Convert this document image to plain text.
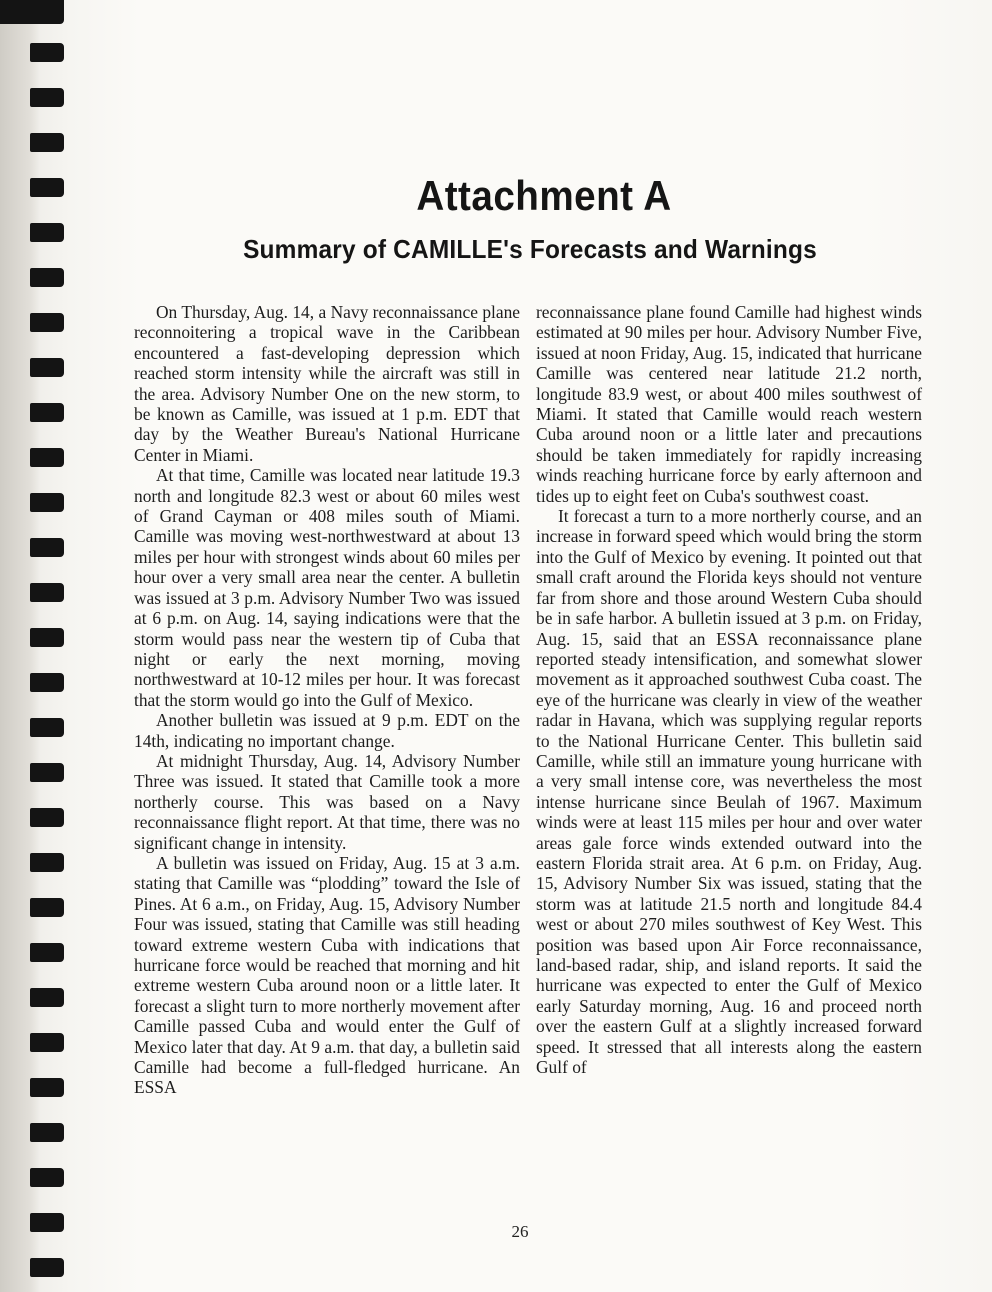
Attachment A
Summary of CAMILLE's Forecasts and Warnings

On Thursday, Aug. 14, a Navy reconnaissance plane reconnoitering a tropical wave in the Caribbean encountered a fast-developing depression which reached storm intensity while the aircraft was still in the area. Advisory Number One on the new storm, to be known as Camille, was issued at 1 p.m. EDT that day by the Weather Bureau's National Hurricane Center in Miami.

At that time, Camille was located near latitude 19.3 north and longitude 82.3 west or about 60 miles west of Grand Cayman or 408 miles south of Miami. Camille was moving west-northwestward at about 13 miles per hour with strongest winds about 60 miles per hour over a very small area near the center. A bulletin was issued at 3 p.m. Advisory Number Two was issued at 6 p.m. on Aug. 14, saying indications were that the storm would pass near the western tip of Cuba that night or early the next morning, moving northwestward at 10-12 miles per hour. It was forecast that the storm would go into the Gulf of Mexico.

Another bulletin was issued at 9 p.m. EDT on the 14th, indicating no important change.

At midnight Thursday, Aug. 14, Advisory Number Three was issued. It stated that Camille took a more northerly course. This was based on a Navy reconnaissance flight report. At that time, there was no significant change in intensity.

A bulletin was issued on Friday, Aug. 15 at 3 a.m. stating that Camille was “plodding” toward the Isle of Pines. At 6 a.m., on Friday, Aug. 15, Advisory Number Four was issued, stating that Camille was still heading toward extreme western Cuba with indications that hurricane force would be reached that morning and hit extreme western Cuba around noon or a little later. It forecast a slight turn to more northerly movement after Camille passed Cuba and would enter the Gulf of Mexico later that day. At 9 a.m. that day, a bulletin said Camille had become a full-fledged hurricane. An ESSA

reconnaissance plane found Camille had highest winds estimated at 90 miles per hour. Advisory Number Five, issued at noon Friday, Aug. 15, indicated that hurricane Camille was centered near latitude 21.2 north, longitude 83.9 west, or about 400 miles southwest of Miami. It stated that Camille would reach western Cuba around noon or a little later and precautions should be taken immediately for rapidly increasing winds reaching hurricane force by early afternoon and tides up to eight feet on Cuba's southwest coast.

It forecast a turn to a more northerly course, and an increase in forward speed which would bring the storm into the Gulf of Mexico by evening. It pointed out that small craft around the Florida keys should not venture far from shore and those around Western Cuba should be in safe harbor. A bulletin issued at 3 p.m. on Friday, Aug. 15, said that an ESSA reconnaissance plane reported steady intensification, and somewhat slower movement as it approached southwest Cuba coast. The eye of the hurricane was clearly in view of the weather radar in Havana, which was supplying regular reports to the National Hurricane Center. This bulletin said Camille, while still an immature young hurricane with a very small intense core, was nevertheless the most intense hurricane since Beulah of 1967. Maximum winds were at least 115 miles per hour and over water areas gale force winds extended outward into the eastern Florida strait area. At 6 p.m. on Friday, Aug. 15, Advisory Number Six was issued, stating that the storm was at latitude 21.5 north and longitude 84.4 west or about 270 miles southwest of Key West. This position was based upon Air Force reconnaissance, land-based radar, ship, and island reports. It said the hurricane was expected to enter the Gulf of Mexico early Saturday morning, Aug. 16 and proceed north over the eastern Gulf at a slightly increased forward speed. It stressed that all interests along the eastern Gulf of

26
